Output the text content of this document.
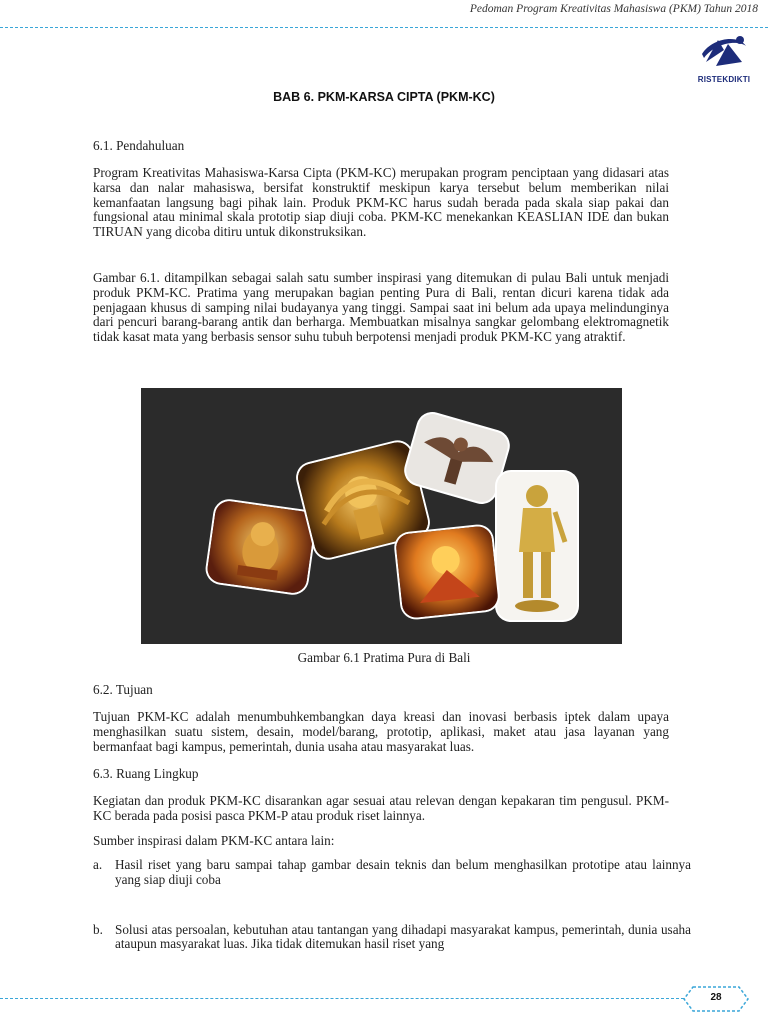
Pedoman Program Kreativitas Mahasiswa (PKM) Tahun 2018
RISTEKDIKTI
BAB 6. PKM-KARSA CIPTA (PKM-KC)
6.1. Pendahuluan
Program Kreativitas Mahasiswa-Karsa Cipta (PKM-KC) merupakan program penciptaan yang didasari atas karsa dan nalar mahasiswa, bersifat konstruktif meskipun karya tersebut belum memberikan nilai kemanfaatan langsung bagi pihak lain. Produk PKM-KC harus sudah berada pada skala siap pakai dan fungsional atau minimal skala prototip siap diuji coba. PKM-KC menekankan KEASLIAN IDE dan bukan TIRUAN yang dicoba ditiru untuk dikonstruksikan.
Gambar 6.1. ditampilkan sebagai salah satu sumber inspirasi yang ditemukan di pulau Bali untuk menjadi produk PKM-KC. Pratima yang merupakan bagian penting Pura di Bali, rentan dicuri karena tidak ada penjagaan khusus di samping nilai budayanya yang tinggi. Sampai saat ini belum ada upaya melindunginya dari pencuri barang-barang antik dan berharga. Membuatkan misalnya sangkar gelombang elektromagnetik tidak kasat mata yang berbasis sensor suhu tubuh berpotensi menjadi produk PKM-KC yang atraktif.
Gambar 6.1 Pratima Pura di Bali
6.2. Tujuan
Tujuan PKM-KC adalah menumbuhkembangkan daya kreasi dan inovasi berbasis iptek dalam upaya menghasilkan suatu sistem, desain, model/barang, prototip, aplikasi, maket atau jasa layanan yang bermanfaat bagi kampus, pemerintah, dunia usaha atau masyarakat luas.
6.3. Ruang Lingkup
Kegiatan dan produk PKM-KC disarankan agar sesuai atau relevan dengan kepakaran tim pengusul. PKM-KC berada pada posisi pasca PKM-P atau produk riset lainnya.
Sumber inspirasi dalam PKM-KC antara lain:
a. Hasil riset yang baru sampai tahap gambar desain teknis dan belum menghasilkan prototipe atau lainnya yang siap diuji coba
b. Solusi atas persoalan, kebutuhan atau tantangan yang dihadapi masyarakat kampus, pemerintah, dunia usaha ataupun masyarakat luas. Jika tidak ditemukan hasil riset yang
28
